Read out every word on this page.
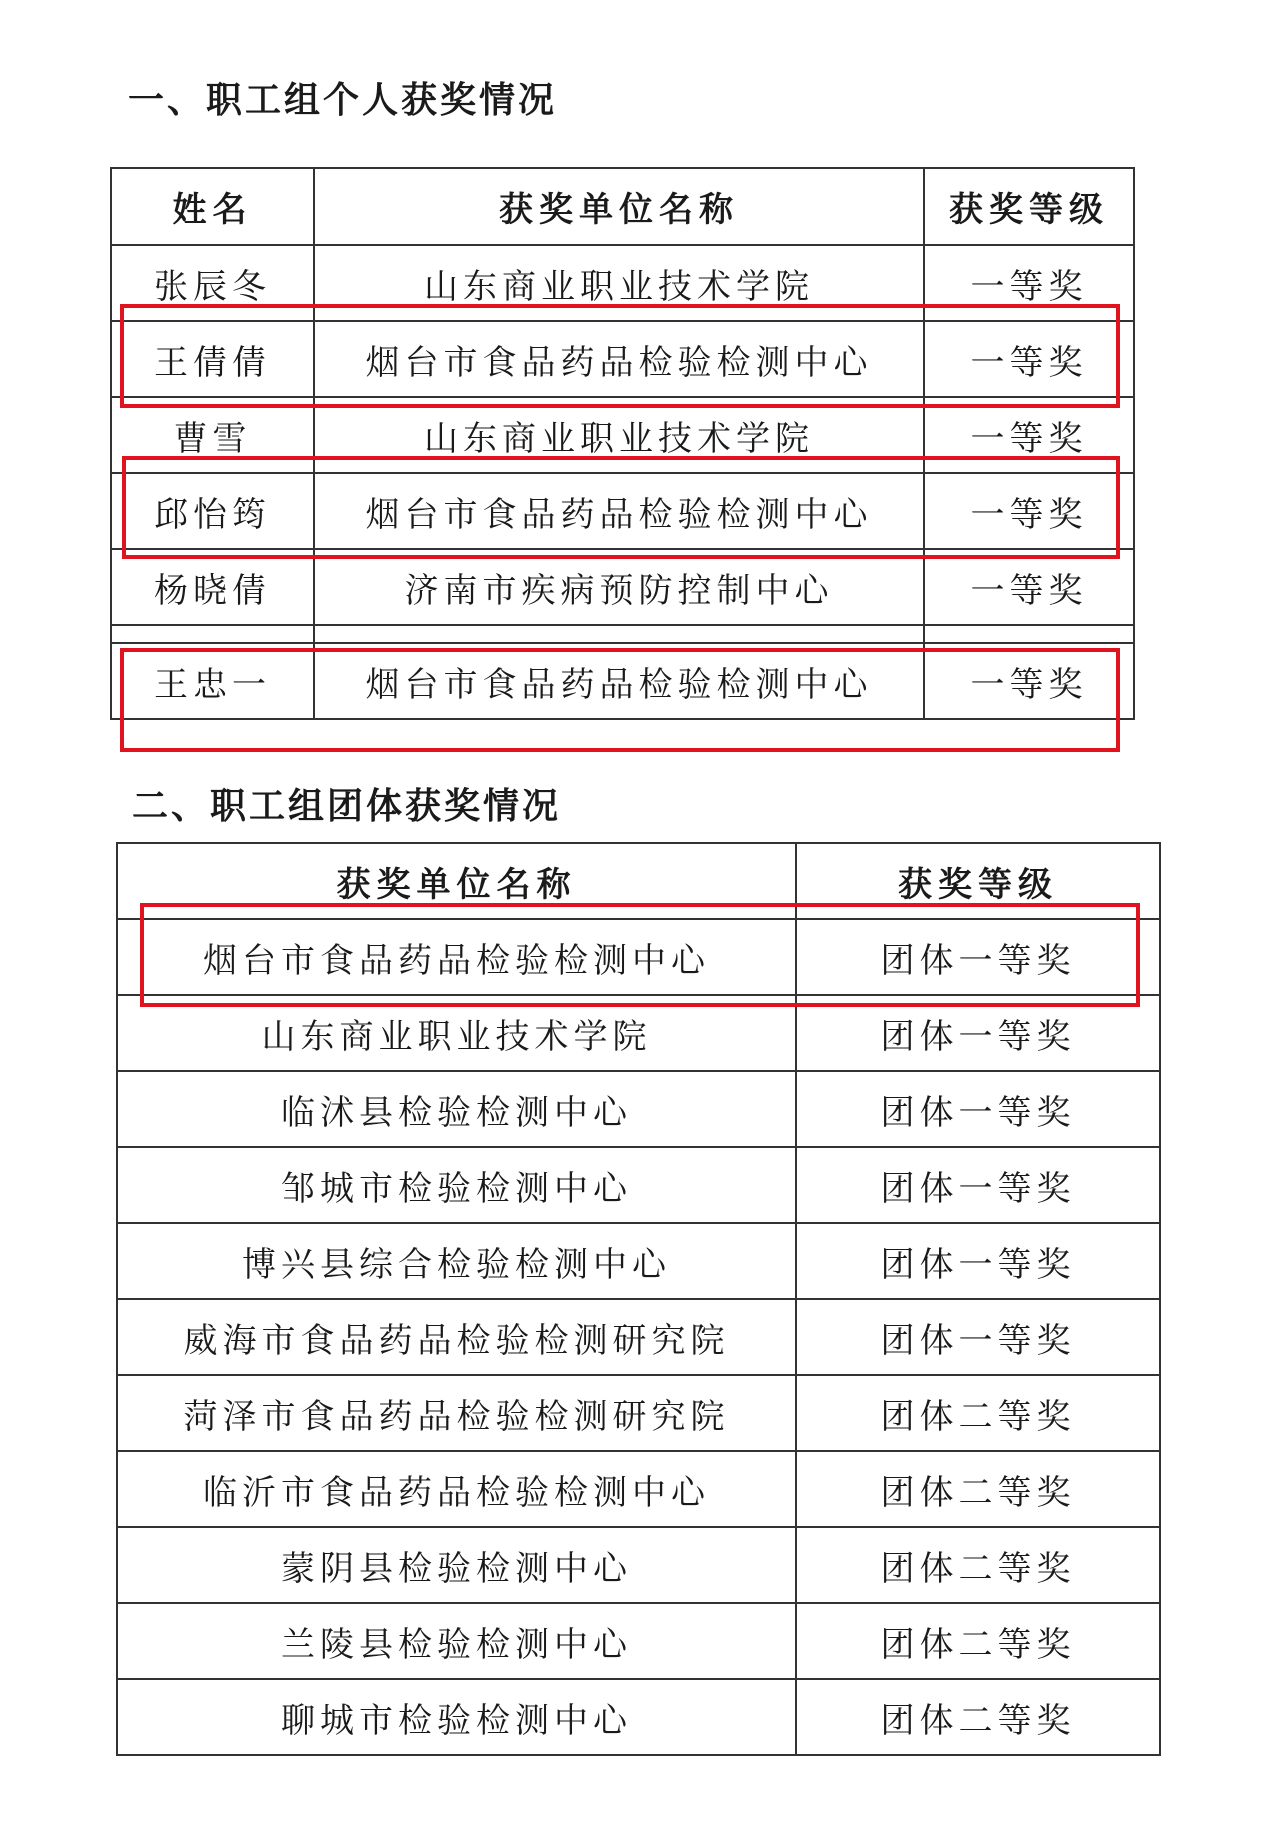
一、职工组个人获奖情况
姓名	获奖单位名称	获奖等级
张辰冬	山东商业职业技术学院	一等奖
王倩倩	烟台市食品药品检验检测中心	一等奖
曹雪	山东商业职业技术学院	一等奖
邱怡筠	烟台市食品药品检验检测中心	一等奖
杨晓倩	济南市疾病预防控制中心	一等奖

王忠一	烟台市食品药品检验检测中心	一等奖
二、职工组团体获奖情况
获奖单位名称	获奖等级
烟台市食品药品检验检测中心	团体一等奖
山东商业职业技术学院	团体一等奖
临沭县检验检测中心	团体一等奖
邹城市检验检测中心	团体一等奖
博兴县综合检验检测中心	团体一等奖
威海市食品药品检验检测研究院	团体一等奖
菏泽市食品药品检验检测研究院	团体二等奖
临沂市食品药品检验检测中心	团体二等奖
蒙阴县检验检测中心	团体二等奖
兰陵县检验检测中心	团体二等奖
聊城市检验检测中心	团体二等奖
